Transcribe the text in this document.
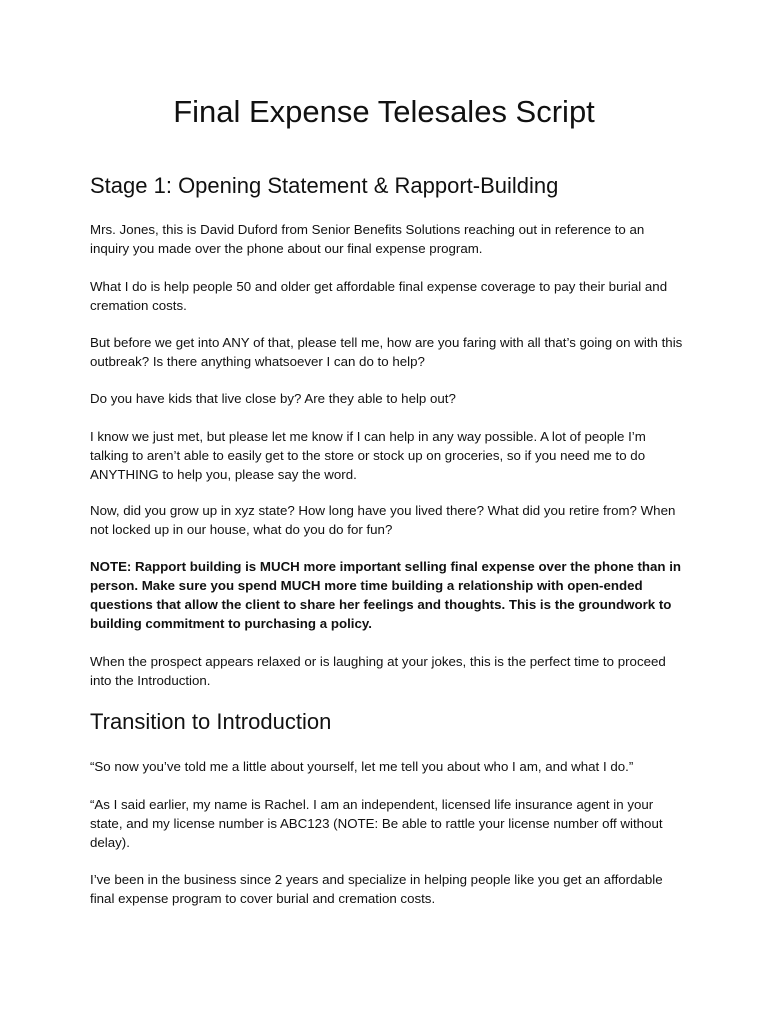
Final Expense Telesales Script
Stage 1: Opening Statement & Rapport-Building

Mrs. Jones, this is David Duford from Senior Benefits Solutions reaching out in reference to an inquiry you made over the phone about our final expense program.

What I do is help people 50 and older get affordable final expense coverage to pay their burial and cremation costs.

But before we get into ANY of that, please tell me, how are you faring with all that’s going on with this outbreak? Is there anything whatsoever I can do to help?

Do you have kids that live close by? Are they able to help out?

I know we just met, but please let me know if I can help in any way possible. A lot of people I’m talking to aren’t able to easily get to the store or stock up on groceries, so if you need me to do ANYTHING to help you, please say the word.

Now, did you grow up in xyz state? How long have you lived there? What did you retire from? When not locked up in our house, what do you do for fun?

NOTE: Rapport building is MUCH more important selling final expense over the phone than in person. Make sure you spend MUCH more time building a relationship with open-ended questions that allow the client to share her feelings and thoughts. This is the groundwork to building commitment to purchasing a policy.

When the prospect appears relaxed or is laughing at your jokes, this is the perfect time to proceed into the Introduction.

Transition to Introduction

“So now you’ve told me a little about yourself, let me tell you about who I am, and what I do.”

“As I said earlier, my name is Rachel. I am an independent, licensed life insurance agent in your state, and my license number is ABC123 (NOTE: Be able to rattle your license number off without delay).

I’ve been in the business since 2 years and specialize in helping people like you get an affordable final expense program to cover burial and cremation costs.
